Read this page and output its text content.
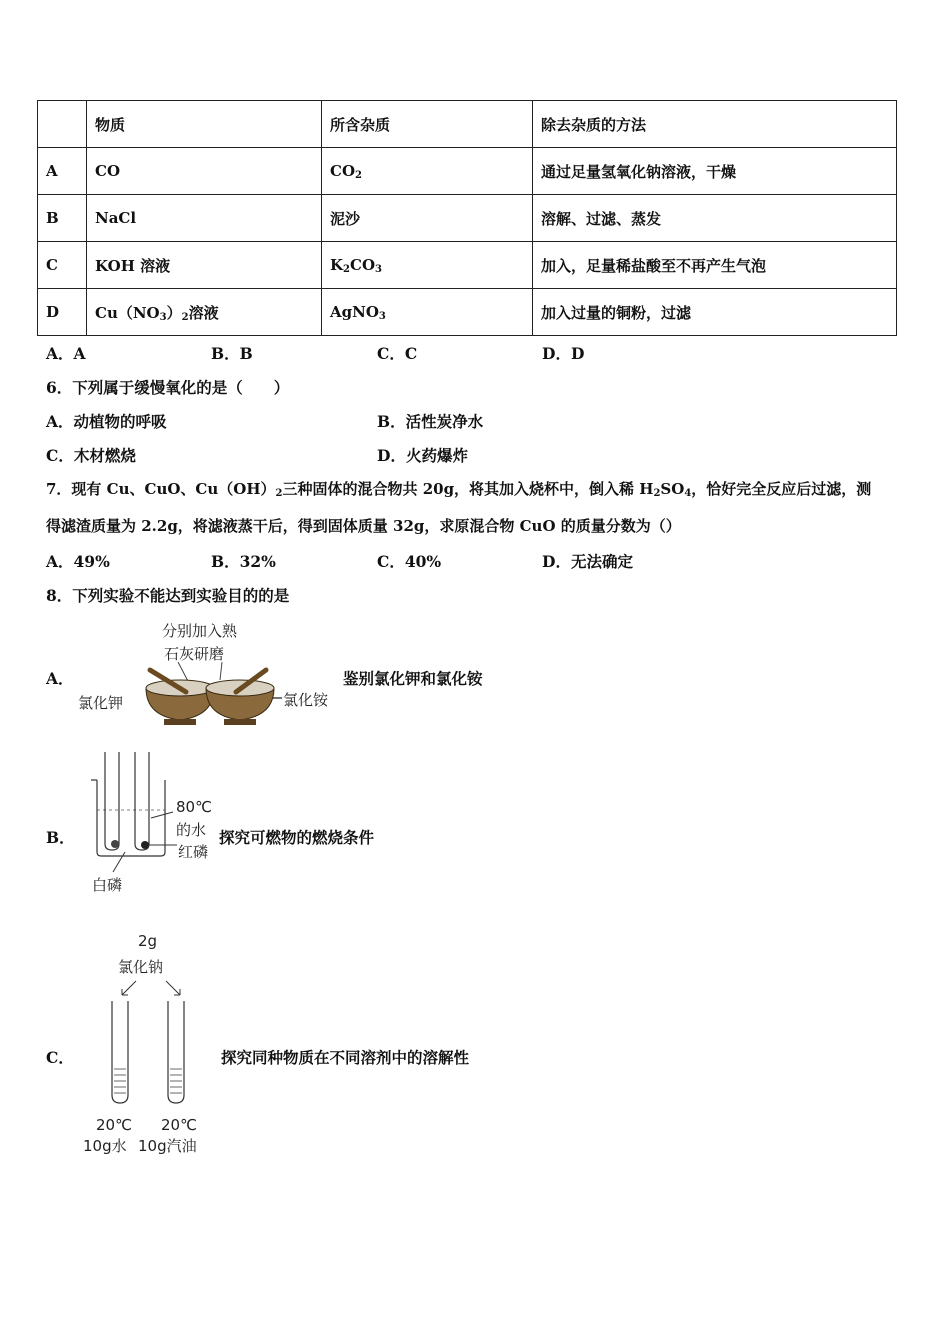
	物质	所含杂质	除去杂质的方法
A	CO	$CO_2$	通过足量氢氧化钠溶液，干燥
B	NaCl	泥沙	溶解、过滤、蒸发
C	KOH 溶液	$K_2CO_3$	加入，足量稀盐酸至不再产生气泡
D	$Cu(NO_3)_2$溶液	AgNO$_3$	加入过量的铜粉，过滤
A．A	B．B	C．C	D．D
6．下列属于缓慢氧化的是（　　）
A．动植物的呼吸	B．活性炭净水
C．木材燃烧	D．火药爆炸
7．现有 Cu、CuO、$Cu(OH)_2$三种固体的混合物共 20g，将其加入烧杯中，倒入稀 $H_2SO_4$，恰好完全反应后过滤，测
得滤渣质量为 2.2g，将滤液蒸干后，得到固体质量 32g，求原混合物 CuO 的质量分数为（）
A．49%	B．32%	C．40%	D．无法确定
8．下列实验不能达到实验目的的是
A．
分别加入熟
石灰研磨
氯化钾	氯化铵
鉴别氯化钾和氯化铵
B．
80℃
的水
红磷
白磷
探究可燃物的燃烧条件
C．
2g
氯化钠
20℃
10g水
20℃
10g汽油
探究同种物质在不同溶剂中的溶解性
